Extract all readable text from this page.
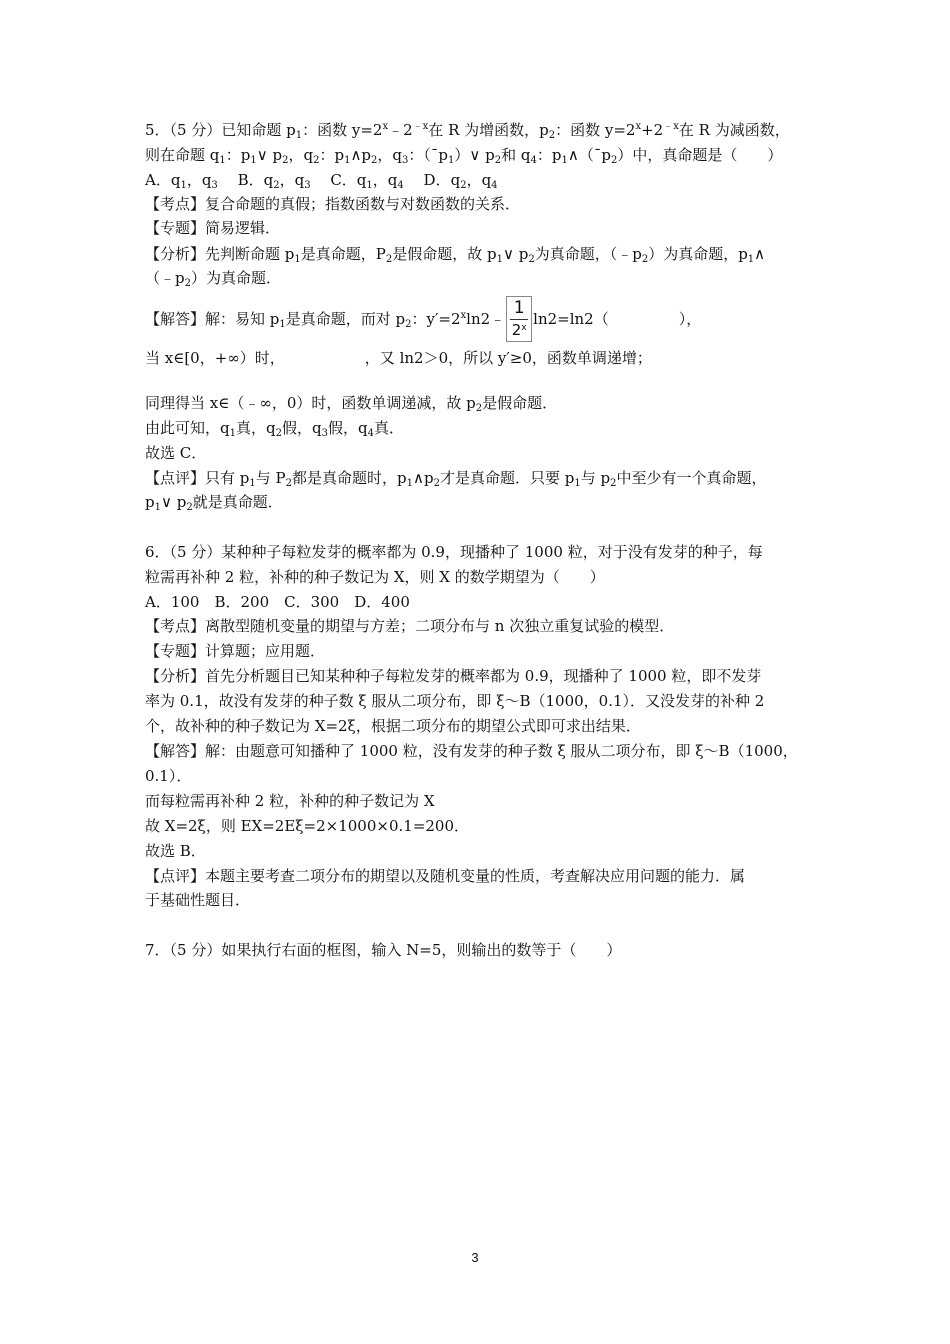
5．（5 分）已知命题 $p_1$：函数 $y=2^x﹣2^{﹣x}$在 R 为增函数，$p_2$：函数 $y=2^x+2^{﹣x}$在 R 为减函数，
则在命题 $q_1$：$p_1\vee$ $p_2$，$q_2$：$p_1\wedge p_2$，$q_3$：$(¯p_1)\vee$ $p_2$和 $q_4$：$p_1\wedge(¯p_2)$中，真命题是（　　）
A．$q_1$，$q_3$　 B．$q_2$，$q_3$　 C．$q_1$，$q_4$　 D．$q_2$，$q_4$
【考点】复合命题的真假；指数函数与对数函数的关系．
【专题】简易逻辑．
【分析】先判断命题 $p_1$是真命题，$P_2$是假命题，故 $p_1\vee$ $p_2$为真命题，$(﹣p_2)$为真命题，$p_1\wedge$
$(﹣p_2)$为真命题．
【解答】解：易知 $p_1$是真命题，而对 $p_2$：$y'=2^x\ln 2﹣ \frac{1}{2^x} \ln 2=\ln 2$（	），
当 x∈[0，+∞）时，	，又 ln2＞0，所以 y′≥0，函数单调递增；
同理得当 x∈（﹣∞，0）时，函数单调递减，故 $p_2$是假命题．
由此可知，$q_1$真，$q_2$假，$q_3$假，$q_4$真．
故选 C．
【点评】只有 $p_1$与 $P_2$都是真命题时，$p_1\wedge p_2$才是真命题．只要 $p_1$与 $p_2$中至少有一个真命题，
$p_1\vee$ $p_2$就是真命题．
6．（5 分）某种种子每粒发芽的概率都为 0.9，现播种了 1000 粒，对于没有发芽的种子，每
粒需再补种 2 粒，补种的种子数记为 X，则 X 的数学期望为（　　）
A．100　B．200　C．300　D．400
【考点】离散型随机变量的期望与方差；二项分布与 n 次独立重复试验的模型．
【专题】计算题；应用题．
【分析】首先分析题目已知某种种子每粒发芽的概率都为 0.9，现播种了 1000 粒，即不发芽
率为 0.1，故没有发芽的种子数 ξ 服从二项分布，即 ξ～B（1000，0.1）．又没发芽的补种 2
个，故补种的种子数记为 X=2ξ，根据二项分布的期望公式即可求出结果．
【解答】解：由题意可知播种了 1000 粒，没有发芽的种子数 ξ 服从二项分布，即 ξ～B（1000，
0.1）．
而每粒需再补种 2 粒，补种的种子数记为 X
故 X=2ξ，则 EX=2Eξ=2×1000×0.1=200．
故选 B．
【点评】本题主要考查二项分布的期望以及随机变量的性质，考查解决应用问题的能力．属
于基础性题目．
7．（5 分）如果执行右面的框图，输入 N=5，则输出的数等于（　　）
3
